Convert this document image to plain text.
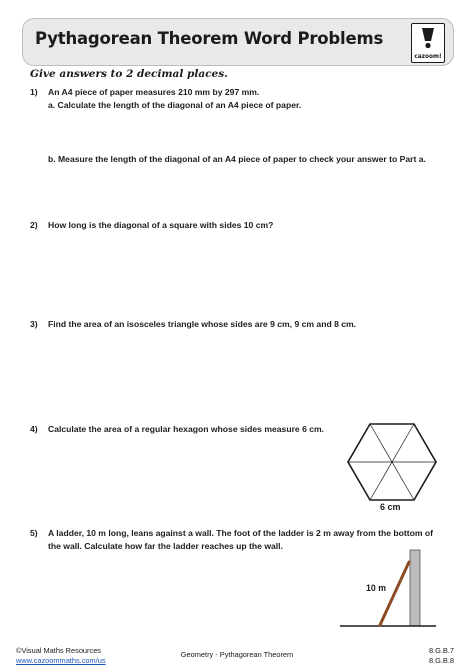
Pythagorean Theorem Word Problems
cazoom!
Give answers to 2 decimal places.
1) An A4 piece of paper measures 210 mm by 297 mm.
a. Calculate the length of the diagonal of an A4 piece of paper.
b. Measure the length of the diagonal of an A4 piece of paper to check your answer to Part a.
2) How long is the diagonal of a square with sides 10 cm?
3) Find the area of an isosceles triangle whose sides are 9 cm, 9 cm and 8 cm.
4) Calculate the area of a regular hexagon whose sides measure 6 cm.
6 cm
5) A ladder, 10 m long, leans against a wall. The foot of the ladder is 2 m away from the bottom of
the wall. Calculate how far the ladder reaches up the wall.
10 m
©Visual Maths Resources
www.cazoommaths.com/us
Geometry - Pythagorean Theorem	8.G.B.7
8.G.B.8
